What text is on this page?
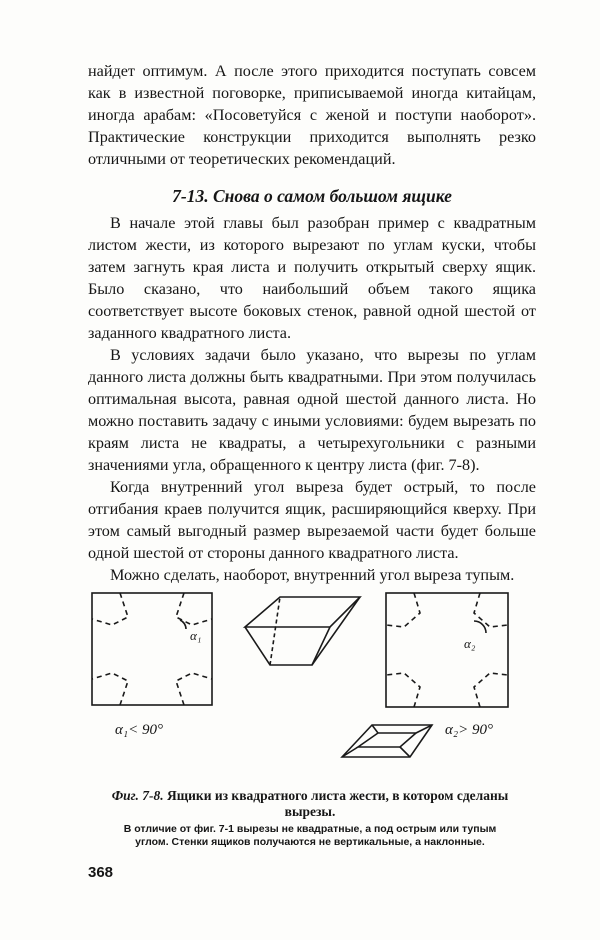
найдет оптимум. А после этого приходится поступать совсем как в известной поговорке, приписываемой иногда китайцам, иногда арабам: «Посоветуйся с женой и поступи наоборот». Практические конструкции приходится выполнять резко отличными от теоретических рекомендаций.

7-13. Снова о самом большом ящике

В начале этой главы был разобран пример с квадратным листом жести, из которого вырезают по углам куски, чтобы затем загнуть края листа и получить открытый сверху ящик. Было сказано, что наибольший объем такого ящика соответствует высоте боковых стенок, равной одной шестой от заданного квадратного листа.

В условиях задачи было указано, что вырезы по углам данного листа должны быть квадратными. При этом получилась оптимальная высота, равная одной шестой данного листа. Но можно поставить задачу с иными условиями: будем вырезать по краям листа не квадраты, а четырехугольники с разными значениями угла, обращенного к центру листа (фиг. 7-8).

Когда внутренний угол выреза будет острый, то после отгибания краев получится ящик, расширяющийся кверху. При этом самый выгодный размер вырезаемой части будет больше одной шестой от стороны данного квадратного листа.

Можно сделать, наоборот, внутренний угол выреза тупым.

α₁
α₂
α₁< 90°	α₂> 90°
Фиг. 7-8. Ящики из квадратного листа жести, в котором сделаны вырезы.
В отличие от фиг. 7-1 вырезы не квадратные, а под острым или тупым углом. Стенки ящиков получаются не вертикальные, а наклонные.
368
